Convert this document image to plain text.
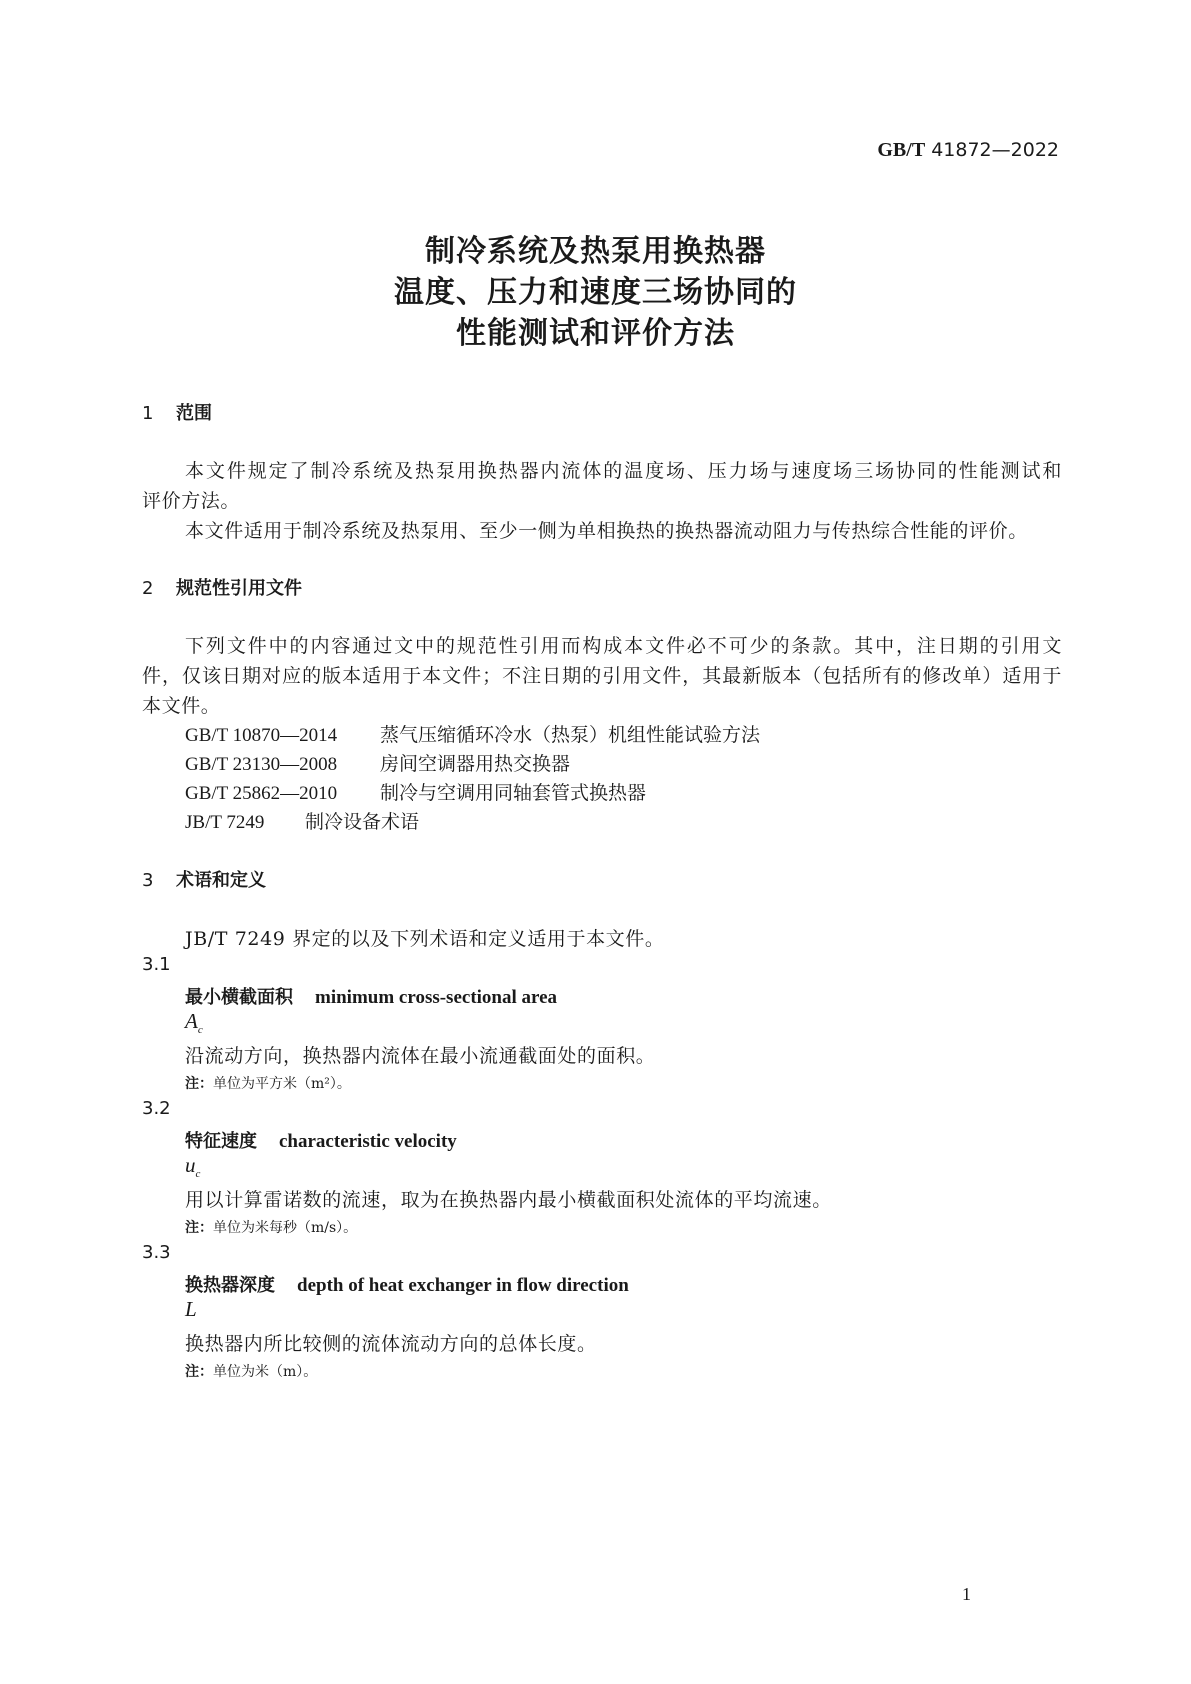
GB/T 41872—2022
制冷系统及热泵用换热器
温度、压力和速度三场协同的
性能测试和评价方法
1 范围
本文件规定了制冷系统及热泵用换热器内流体的温度场、压力场与速度场三场协同的性能测试和
评价方法。
本文件适用于制冷系统及热泵用、至少一侧为单相换热的换热器流动阻力与传热综合性能的评价。
2 规范性引用文件
下列文件中的内容通过文中的规范性引用而构成本文件必不可少的条款。其中，注日期的引用文
件，仅该日期对应的版本适用于本文件；不注日期的引用文件，其最新版本（包括所有的修改单）适用于
本文件。
GB/T 10870—2014 蒸气压缩循环冷水（热泵）机组性能试验方法
GB/T 23130—2008 房间空调器用热交换器
GB/T 25862—2010 制冷与空调用同轴套管式换热器
JB/T 7249 制冷设备术语
3 术语和定义
JB/T 7249 界定的以及下列术语和定义适用于本文件。
3.1
最小横截面积 minimum cross-sectional area
$A_c$
沿流动方向，换热器内流体在最小流通截面处的面积。
注：单位为平方米（m²）。
3.2
特征速度 characteristic velocity
$u_c$
用以计算雷诺数的流速，取为在换热器内最小横截面积处流体的平均流速。
注：单位为米每秒（m/s）。
3.3
换热器深度 depth of heat exchanger in flow direction
L
换热器内所比较侧的流体流动方向的总体长度。
注：单位为米（m）。
1
